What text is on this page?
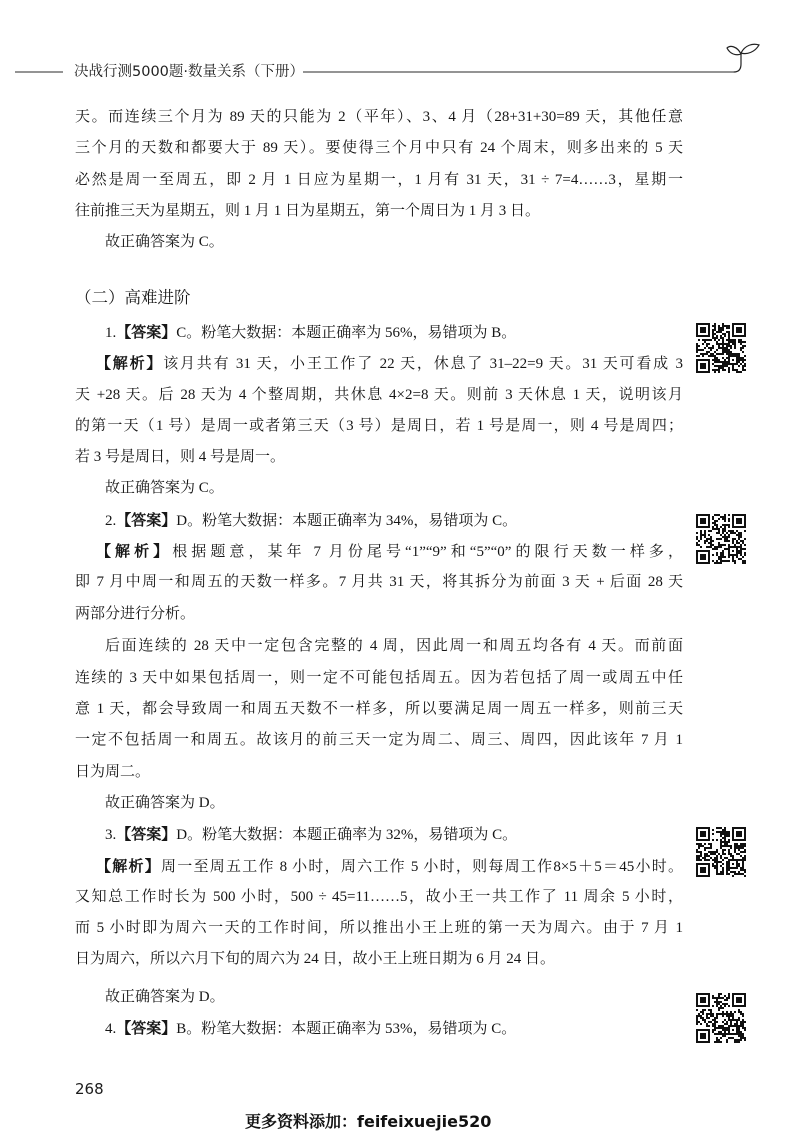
决战行测5000题·数量关系（下册）
天。而连续三个月为 89 天的只能为 2（平年）、3、4 月（28+31+30=89 天，其他任意
三个月的天数和都要大于 89 天）。要使得三个月中只有 24 个周末，则多出来的 5 天
必然是周一至周五，即 2 月 1 日应为星期一，1 月有 31 天，31 ÷ 7=4……3，星期一
往前推三天为星期五，则 1 月 1 日为星期五，第一个周日为 1 月 3 日。
故正确答案为 C。
（二）高难进阶
1.【答案】C。粉笔大数据：本题正确率为 56%，易错项为 B。
【解析】该月共有 31 天，小王工作了 22 天，休息了 31–22=9 天。31 天可看成 3
天 +28 天。后 28 天为 4 个整周期，共休息 4×2=8 天。则前 3 天休息 1 天，说明该月
的第一天（1 号）是周一或者第三天（3 号）是周日，若 1 号是周一，则 4 号是周四；
若 3 号是周日，则 4 号是周一。
故正确答案为 C。
2.【答案】D。粉笔大数据：本题正确率为 34%，易错项为 C。
【解析】根据题意，某年 7 月份尾号“1”“9”和“5”“0”的限行天数一样多，
即 7 月中周一和周五的天数一样多。7 月共 31 天，将其拆分为前面 3 天 + 后面 28 天
两部分进行分析。
后面连续的 28 天中一定包含完整的 4 周，因此周一和周五均各有 4 天。而前面
连续的 3 天中如果包括周一，则一定不可能包括周五。因为若包括了周一或周五中任
意 1 天，都会导致周一和周五天数不一样多，所以要满足周一周五一样多，则前三天
一定不包括周一和周五。故该月的前三天一定为周二、周三、周四，因此该年 7 月 1
日为周二。
故正确答案为 D。
3.【答案】D。粉笔大数据：本题正确率为 32%，易错项为 C。
【解析】周一至周五工作 8 小时，周六工作 5 小时，则每周工作8×5＋5＝45小时。
又知总工作时长为 500 小时，500 ÷ 45=11……5，故小王一共工作了 11 周余 5 小时，
而 5 小时即为周六一天的工作时间，所以推出小王上班的第一天为周六。由于 7 月 1
日为周六，所以六月下旬的周六为 24 日，故小王上班日期为 6 月 24 日。
故正确答案为 D。
4.【答案】B。粉笔大数据：本题正确率为 53%，易错项为 C。
268
更多资料添加：feifeixuejie520
